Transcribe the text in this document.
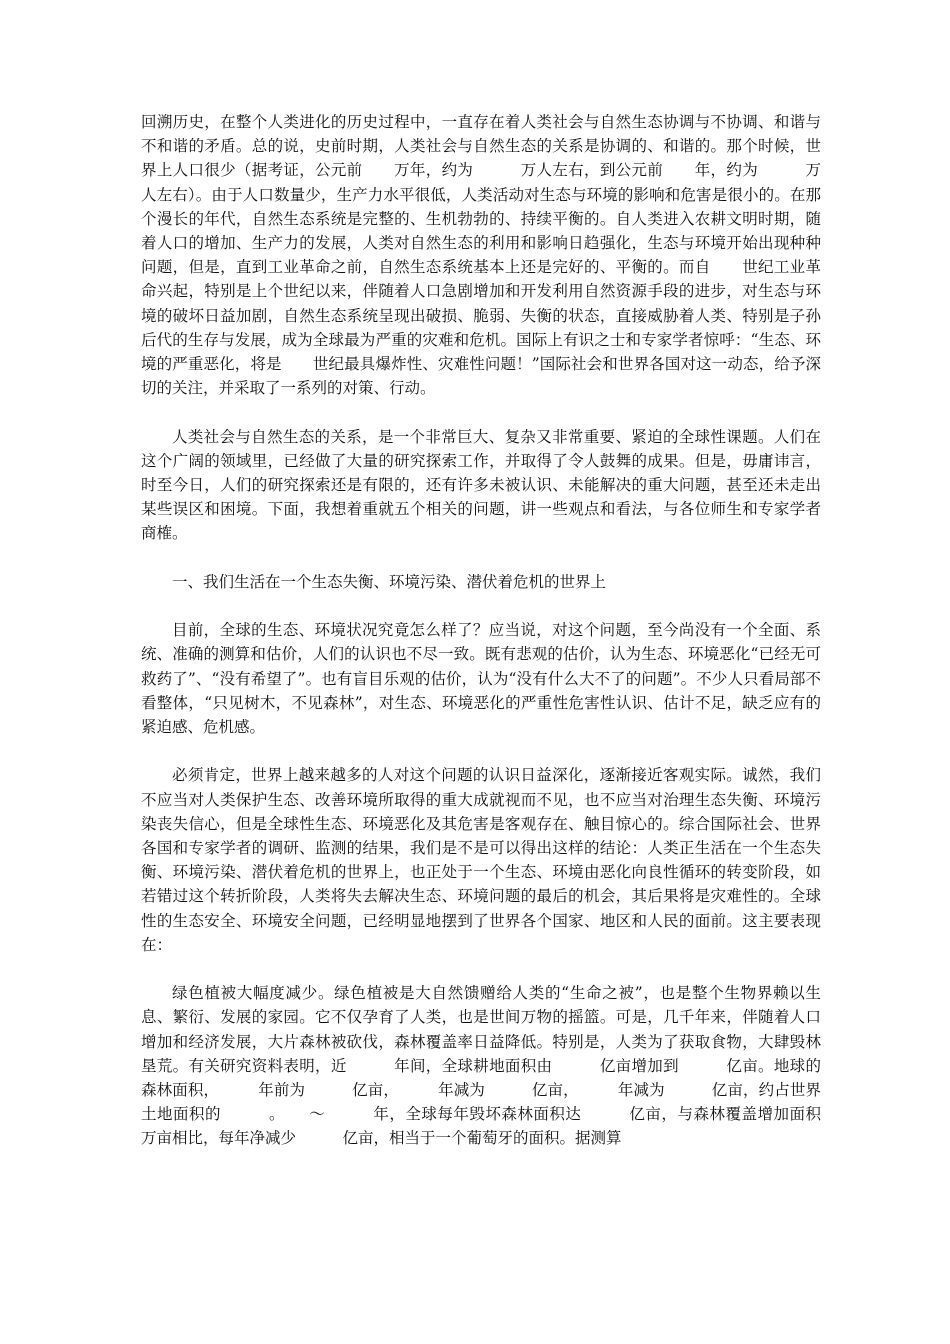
回溯历史，在整个人类进化的历史过程中，一直存在着人类社会与自然生态协调与不协调、和谐与不和谐的矛盾。总的说，史前时期，人类社会与自然生态的关系是协调的、和谐的。那个时候，世界上人口很少（据考证，公元前　　万年，约为　　　万人左右，到公元前　　年，约为　　　万人左右）。由于人口数量少，生产力水平很低，人类活动对生态与环境的影响和危害是很小的。在那个漫长的年代，自然生态系统是完整的、生机勃勃的、持续平衡的。自人类进入农耕文明时期，随着人口的增加、生产力的发展，人类对自然生态的利用和影响日趋强化，生态与环境开始出现种种问题，但是，直到工业革命之前，自然生态系统基本上还是完好的、平衡的。而自　　世纪工业革命兴起，特别是上个世纪以来，伴随着人口急剧增加和开发利用自然资源手段的进步，对生态与环境的破坏日益加剧，自然生态系统呈现出破损、脆弱、失衡的状态，直接威胁着人类、特别是子孙后代的生存与发展，成为全球最为严重的灾难和危机。国际上有识之士和专家学者惊呼：“生态、环境的严重恶化，将是　　世纪最具爆炸性、灾难性问题！”国际社会和世界各国对这一动态，给予深切的关注，并采取了一系列的对策、行动。

人类社会与自然生态的关系，是一个非常巨大、复杂又非常重要、紧迫的全球性课题。人们在这个广阔的领域里，已经做了大量的研究探索工作，并取得了令人鼓舞的成果。但是，毋庸讳言，时至今日，人们的研究探索还是有限的，还有许多未被认识、未能解决的重大问题，甚至还未走出某些误区和困境。下面，我想着重就五个相关的问题，讲一些观点和看法，与各位师生和专家学者商榷。

一、我们生活在一个生态失衡、环境污染、潜伏着危机的世界上

目前，全球的生态、环境状况究竟怎么样了？应当说，对这个问题，至今尚没有一个全面、系统、准确的测算和估价，人们的认识也不尽一致。既有悲观的估价，认为生态、环境恶化“已经无可救药了”、“没有希望了”。也有盲目乐观的估价，认为“没有什么大不了的问题”。不少人只看局部不看整体，“只见树木，不见森林”，对生态、环境恶化的严重性危害性认识、估计不足，缺乏应有的紧迫感、危机感。

必须肯定，世界上越来越多的人对这个问题的认识日益深化，逐渐接近客观实际。诚然，我们不应当对人类保护生态、改善环境所取得的重大成就视而不见，也不应当对治理生态失衡、环境污染丧失信心，但是全球性生态、环境恶化及其危害是客观存在、触目惊心的。综合国际社会、世界各国和专家学者的调研、监测的结果，我们是不是可以得出这样的结论：人类正生活在一个生态失衡、环境污染、潜伏着危机的世界上，也正处于一个生态、环境由恶化向良性循环的转变阶段，如若错过这个转折阶段，人类将失去解决生态、环境问题的最后的机会，其后果将是灾难性的。全球性的生态安全、环境安全问题，已经明显地摆到了世界各个国家、地区和人民的面前。这主要表现在：

绿色植被大幅度减少。绿色植被是大自然馈赠给人类的“生命之被”，也是整个生物界赖以生息、繁衍、发展的家园。它不仅孕育了人类，也是世间万物的摇篮。可是，几千年来，伴随着人口增加和经济发展，大片森林被砍伐，森林覆盖率日益降低。特别是，人类为了获取食物，大肆毁林垦荒。有关研究资料表明，近　　　年间，全球耕地面积由　　　亿亩增加到　　　亿亩。地球的森林面积，　　　年前为　　　亿亩，　　　年减为　　　亿亩，　　　年减为　　　亿亩，约占世界土地面积的　　　。　　～　　　年，全球每年毁坏森林面积达　　　亿亩，与森林覆盖增加面积　　　万亩相比，每年净减少　　　亿亩，相当于一个葡萄牙的面积。据测算
